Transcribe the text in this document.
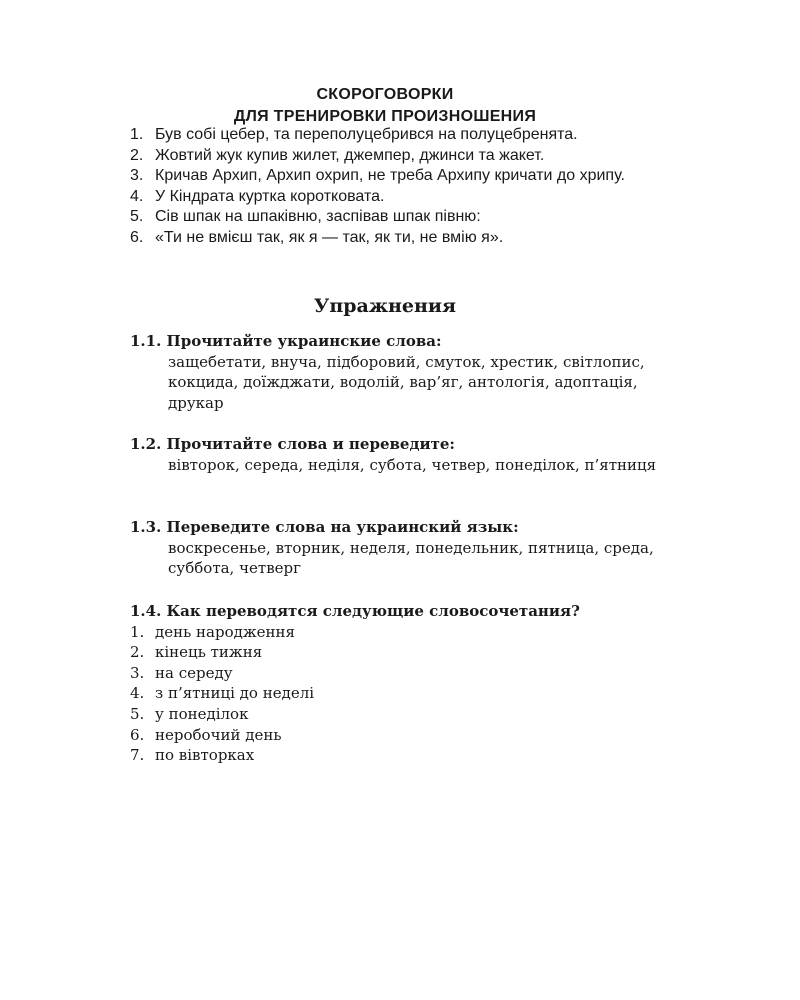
СКОРОГОВОРКИ
ДЛЯ ТРЕНИРОВКИ ПРОИЗНОШЕНИЯ
1. Був собі цебер, та переполуцебрився на полуцебренята.
2. Жовтий жук купив жилет, джемпер, джинси та жакет.
3. Кричав Архип, Архип охрип, не треба Архипу кричати до хрипу.
4. У Кіндрата куртка коротковата.
5. Сів шпак на шпаківню, заспівав шпак півню:
6. «Ти не вмієш так, як я — так, як ти, не вмію я».
Упражнения
1.1. Прочитайте украинские слова:
защебетати, внуча, підборовий, смуток, хрестик, світлопис, кокцида, доїжджати, водолій, вар’яг, антологія, адоптація, друкар
1.2. Прочитайте слова и переведите:
вівторок, середа, неділя, субота, четвер, понеділок, п’ятниця
1.3. Переведите слова на украинский язык:
воскресенье, вторник, неделя, понедельник, пятница, среда, суббота, четверг
1.4. Как переводятся следующие словосочетания?
1. день народження
2. кінець тижня
3. на середу
4. з п’ятниці до неделі
5. у понеділок
6. неробочий день
7. по вівторках
